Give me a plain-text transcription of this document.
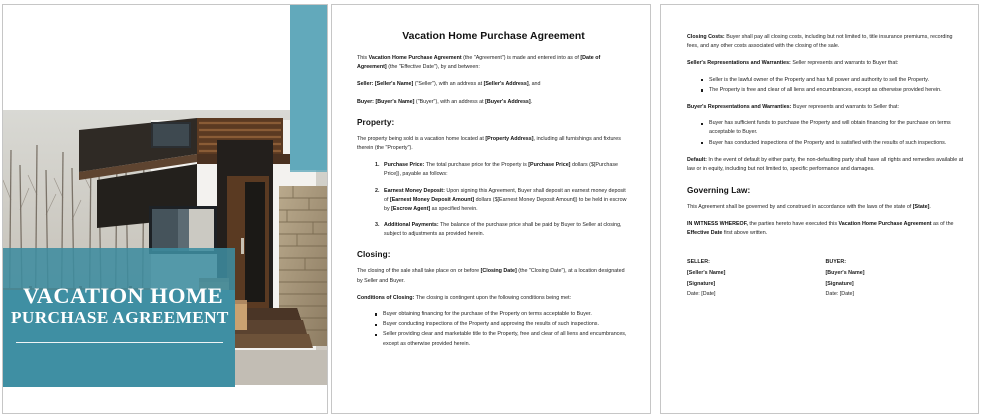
VACATION HOME
PURCHASE AGREEMENT
Vacation Home Purchase Agreement

This Vacation Home Purchase Agreement (the "Agreement") is made and entered into as of [Date of Agreement] (the "Effective Date"), by and between:

Seller: [Seller's Name] ("Seller"), with an address at [Seller's Address], and

Buyer: [Buyer's Name] ("Buyer"), with an address at [Buyer's Address].

Property:

The property being sold is a vacation home located at [Property Address], including all furnishings and fixtures therein (the "Property").

1. Purchase Price: The total purchase price for the Property is [Purchase Price] dollars ($[Purchase Price]), payable as follows:
2. Earnest Money Deposit: Upon signing this Agreement, Buyer shall deposit an earnest money deposit of [Earnest Money Deposit Amount] dollars ($[Earnest Money Deposit Amount]) to be held in escrow by [Escrow Agent] as specified herein.
3. Additional Payments: The balance of the purchase price shall be paid by Buyer to Seller at closing, subject to adjustments as provided herein.
Closing:

The closing of the sale shall take place on or before [Closing Date] (the "Closing Date"), at a location designated by Seller and Buyer.

Conditions of Closing: The closing is contingent upon the following conditions being met:

Buyer obtaining financing for the purchase of the Property on terms acceptable to Buyer.
Buyer conducting inspections of the Property and approving the results of such inspections.
Seller providing clear and marketable title to the Property, free and clear of all liens and encumbrances, except as otherwise provided herein.

Closing Costs: Buyer shall pay all closing costs, including but not limited to, title insurance premiums, recording fees, and any other costs associated with the closing of the sale.

Seller's Representations and Warranties: Seller represents and warrants to Buyer that:

Seller is the lawful owner of the Property and has full power and authority to sell the Property.
The Property is free and clear of all liens and encumbrances, except as otherwise provided herein.

Buyer's Representations and Warranties: Buyer represents and warrants to Seller that:

Buyer has sufficient funds to purchase the Property and will obtain financing for the purchase on terms acceptable to Buyer.
Buyer has conducted inspections of the Property and is satisfied with the results of such inspections.

Default: In the event of default by either party, the non-defaulting party shall have all rights and remedies available at law or in equity, including but not limited to, specific performance and damages.

Governing Law:

This Agreement shall be governed by and construed in accordance with the laws of the state of [State].

IN WITNESS WHEREOF, the parties hereto have executed this Vacation Home Purchase Agreement as of the Effective Date first above written.

SELLER:
[Seller's Name]
[Signature]
Date: [Date]
BUYER:
[Buyer's Name]
[Signature]
Date: [Date]
